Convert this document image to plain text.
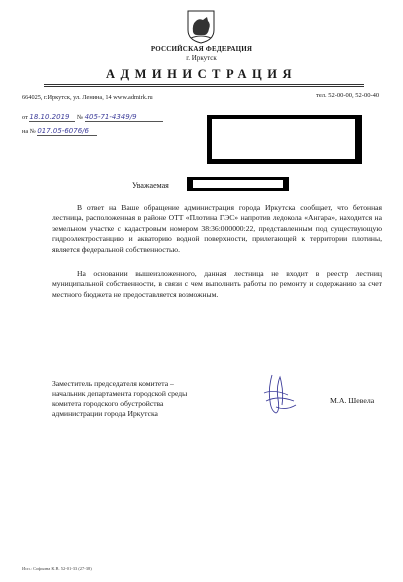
РОССИЙСКАЯ ФЕДЕРАЦИЯ
г. Иркутск
АДМИНИСТРАЦИЯ
664025, г.Иркутск, ул. Ленина, 14 www.admirk.ru	тел. 52-00-00, 52-00-40
от 18.10.2019 № 405-71-4349/9
на № 017.05-6076/6
Уважаемая
В ответ на Ваше обращение администрация города Иркутска сообщает, что бетонная лестница, расположенная в районе ОТТ «Плотина ГЭС» напротив ледокола «Ангара», находится на земельном участке с кадастровым номером 38:36:000000:22, представленным под существующую гидроэлектростанцию и акваторию водной поверхности, прилегающей к территории плотины, является федеральной собственностью.
На основании вышеизложенного, данная лестница не входит в реестр лестниц муниципальной собственности, в связи с чем выполнить работы по ремонту и содержанию за счет местного бюджета не предоставляется возможным.
Заместитель председателя комитета –
начальник департамента городской среды
комитета городского обустройства
администрации города Иркутска
М.А. Шевела
Исп.: Софьина К.В. 52-01-33 (27-38)
